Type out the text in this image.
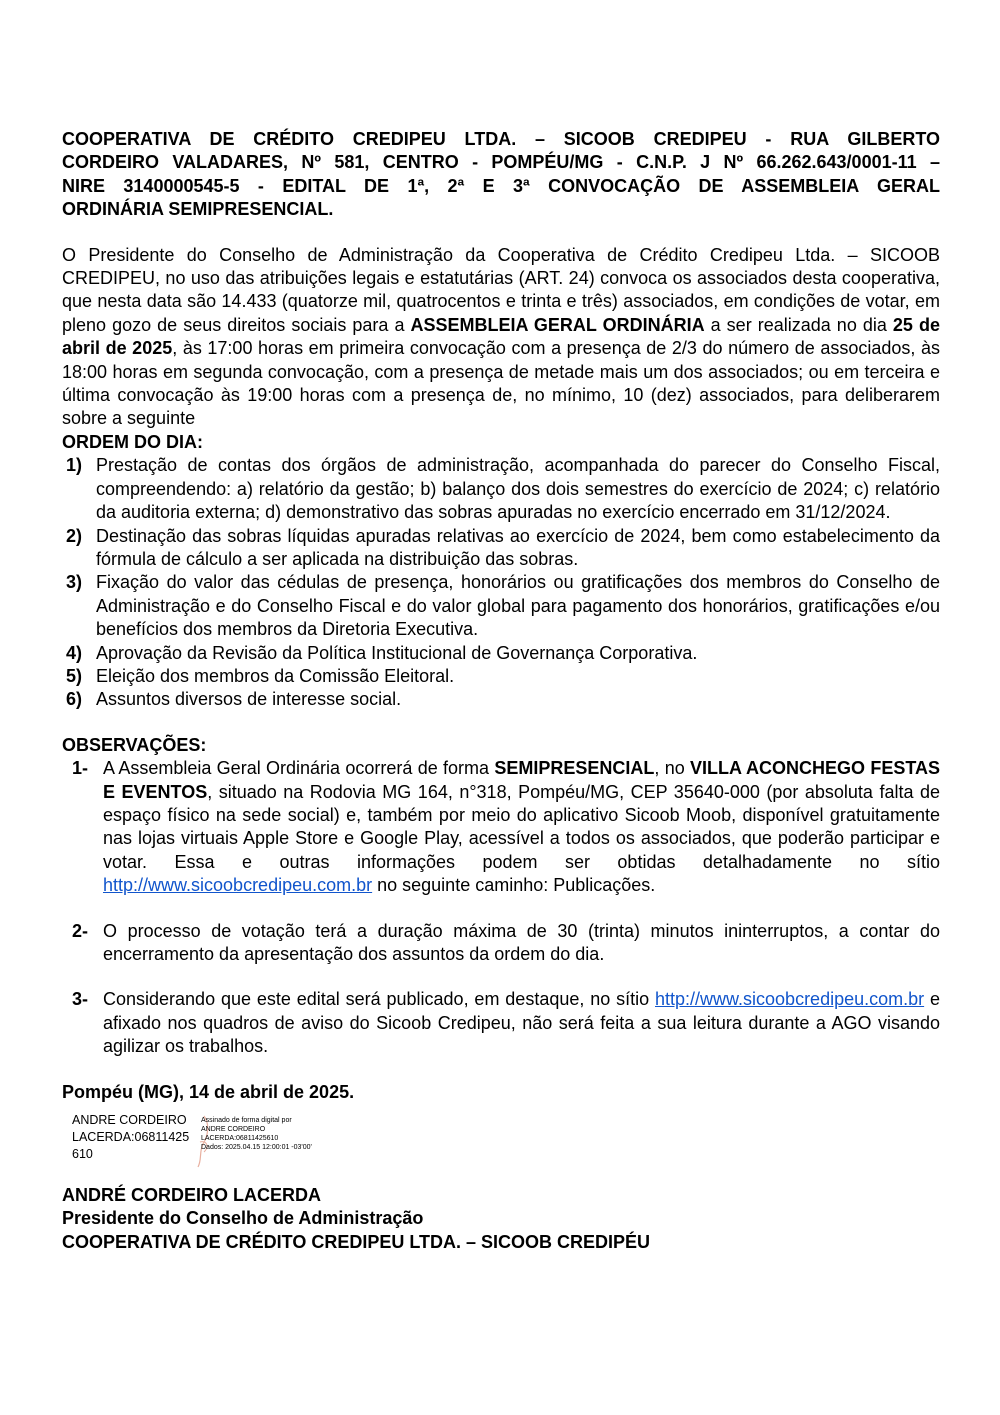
COOPERATIVA DE CRÉDITO CREDIPEU LTDA. – SICOOB CREDIPEU - RUA GILBERTO
CORDEIRO VALADARES, Nº 581, CENTRO - POMPÉU/MG - C.N.P. J Nº 66.262.643/0001-11 –
NIRE 3140000545-5 - EDITAL DE 1ª, 2ª E 3ª CONVOCAÇÃO DE ASSEMBLEIA GERAL
ORDINÁRIA SEMIPRESENCIAL.
O Presidente do Conselho de Administração da Cooperativa de Crédito Credipeu Ltda. – SICOOB CREDIPEU, no uso das atribuições legais e estatutárias (ART. 24) convoca os associados desta cooperativa, que nesta data são 14.433 (quatorze mil, quatrocentos e trinta e três) associados, em condições de votar, em pleno gozo de seus direitos sociais para a ASSEMBLEIA GERAL ORDINÁRIA a ser realizada no dia 25 de abril de 2025, às 17:00 horas em primeira convocação com a presença de 2/3 do número de associados, às 18:00 horas em segunda convocação, com a presença de metade mais um dos associados; ou em terceira e última convocação às 19:00 horas com a presença de, no mínimo, 10 (dez) associados, para deliberarem sobre a seguinte
ORDEM DO DIA:
1) Prestação de contas dos órgãos de administração, acompanhada do parecer do Conselho Fiscal, compreendendo: a) relatório da gestão; b) balanço dos dois semestres do exercício de 2024; c) relatório da auditoria externa; d) demonstrativo das sobras apuradas no exercício encerrado em 31/12/2024.
2) Destinação das sobras líquidas apuradas relativas ao exercício de 2024, bem como estabelecimento da fórmula de cálculo a ser aplicada na distribuição das sobras.
3) Fixação do valor das cédulas de presença, honorários ou gratificações dos membros do Conselho de Administração e do Conselho Fiscal e do valor global para pagamento dos honorários, gratificações e/ou benefícios dos membros da Diretoria Executiva.
4) Aprovação da Revisão da Política Institucional de Governança Corporativa.
5) Eleição dos membros da Comissão Eleitoral.
6) Assuntos diversos de interesse social.
OBSERVAÇÕES:
1- A Assembleia Geral Ordinária ocorrerá de forma SEMIPRESENCIAL, no VILLA ACONCHEGO FESTAS E EVENTOS, situado na Rodovia MG 164, n°318, Pompéu/MG, CEP 35640-000 (por absoluta falta de espaço físico na sede social) e, também por meio do aplicativo Sicoob Moob, disponível gratuitamente nas lojas virtuais Apple Store e Google Play, acessível a todos os associados, que poderão participar e votar. Essa e outras informações podem ser obtidas detalhadamente no sítio http://www.sicoobcredipeu.com.br no seguinte caminho: Publicações.
2- O processo de votação terá a duração máxima de 30 (trinta) minutos ininterruptos, a contar do encerramento da apresentação dos assuntos da ordem do dia.
3- Considerando que este edital será publicado, em destaque, no sítio http://www.sicoobcredipeu.com.br e afixado nos quadros de aviso do Sicoob Credipeu, não será feita a sua leitura durante a AGO visando agilizar os trabalhos.
Pompéu (MG), 14 de abril de 2025.
ANDRE CORDEIRO
LACERDA:06811425
610
Assinado de forma digital por
ANDRE CORDEIRO
LACERDA:06811425610
Dados: 2025.04.15 12:00:01 -03'00'
ANDRÉ CORDEIRO LACERDA
Presidente do Conselho de Administração
COOPERATIVA DE CRÉDITO CREDIPEU LTDA. – SICOOB CREDIPÉU
